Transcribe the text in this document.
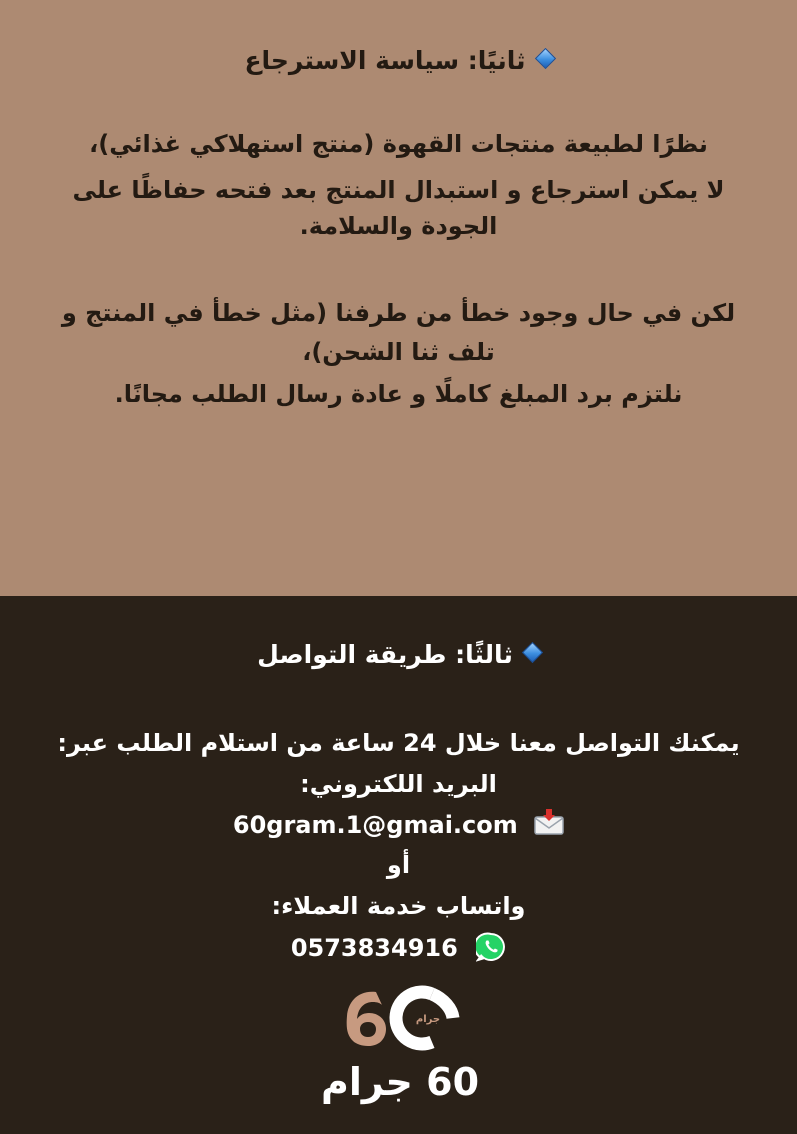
ثانيًا: سياسة الاسترجاع
نظرًا لطبيعة منتجات القهوة (منتج استهلاكي غذائي)،
لا يمكن استرجاع و استبدال المنتج بعد فتحه حفاظًا على
الجودة والسلامة.
لكن في حال وجود خطأ من طرفنا (مثل خطأ في المنتج و
تلف ثنا الشحن)،
نلتزم برد المبلغ كاملًا و عادة رسال الطلب مجانًا.
ثالثًا: طريقة التواصل
يمكنك التواصل معنا خلال 24 ساعة من استلام الطلب عبر:
البريد اللكتروني:
60gram.1@gmai.com
أو
واتساب خدمة العملاء:
0573834916
جرام
60 جرام
